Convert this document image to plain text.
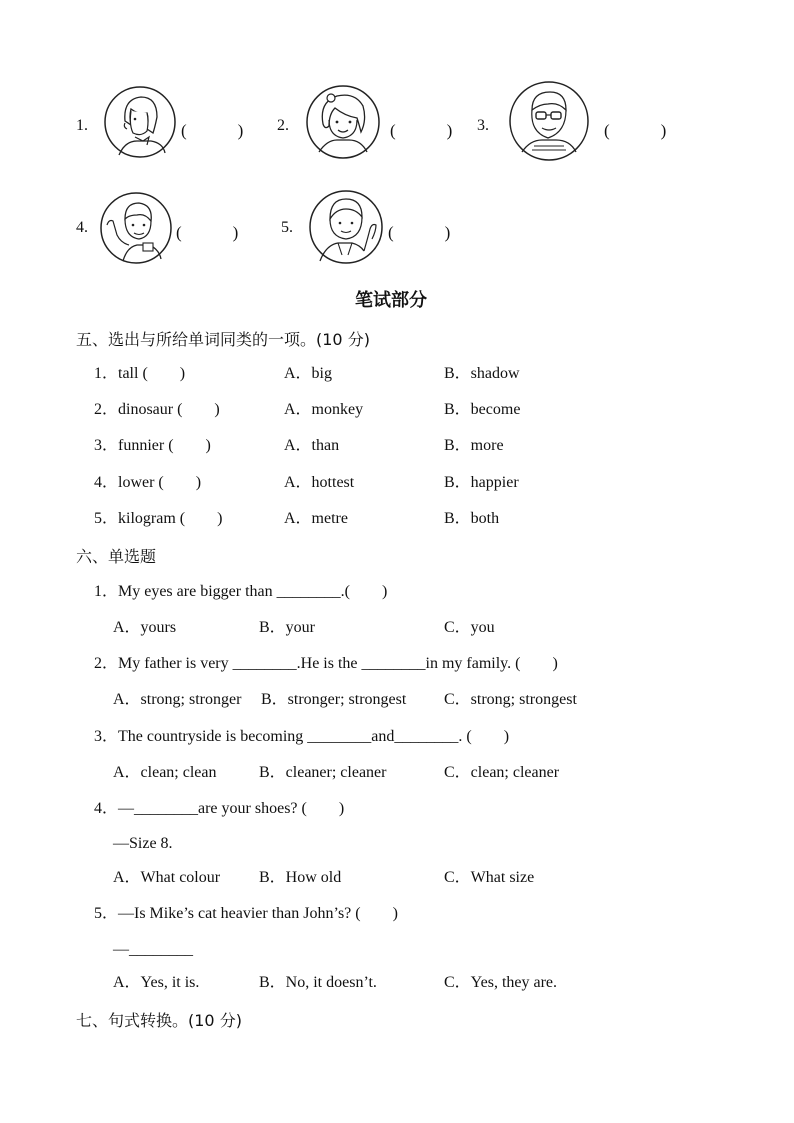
1.	(　　　) 2.	(　　　) 3.	(　　　)
4.	(　　　)	5.	(　　　)
笔试部分
五、选出与所给单词同类的一项。(10 分)
1．tall (　　)	A．big	B．shadow
2．dinosaur (　　)	A．monkey	B．become
3．funnier (　　)	A．than	B．more
4．lower (　　)	A．hottest	B．happier
5．kilogram (　　)	A．metre	B．both
六、单选题
1．My eyes are bigger than ________.(　　)
A．yours	B．your	C．you
2．My father is very ________.He is the ________in my family. (　　)
A．strong; stronger B．stronger; strongest C．strong; strongest
3．The countryside is becoming ________and________. (　　)
A．clean; clean	B．cleaner; cleaner	C．clean; cleaner
4．—________are your shoes? (　　)
—Size 8.
A．What colour B．How old	C．What size
5．—Is Mike’s cat heavier than John’s? (　　)
—________
A．Yes, it is.	B．No, it doesn’t.	C．Yes, they are.
七、句式转换。(10 分)
